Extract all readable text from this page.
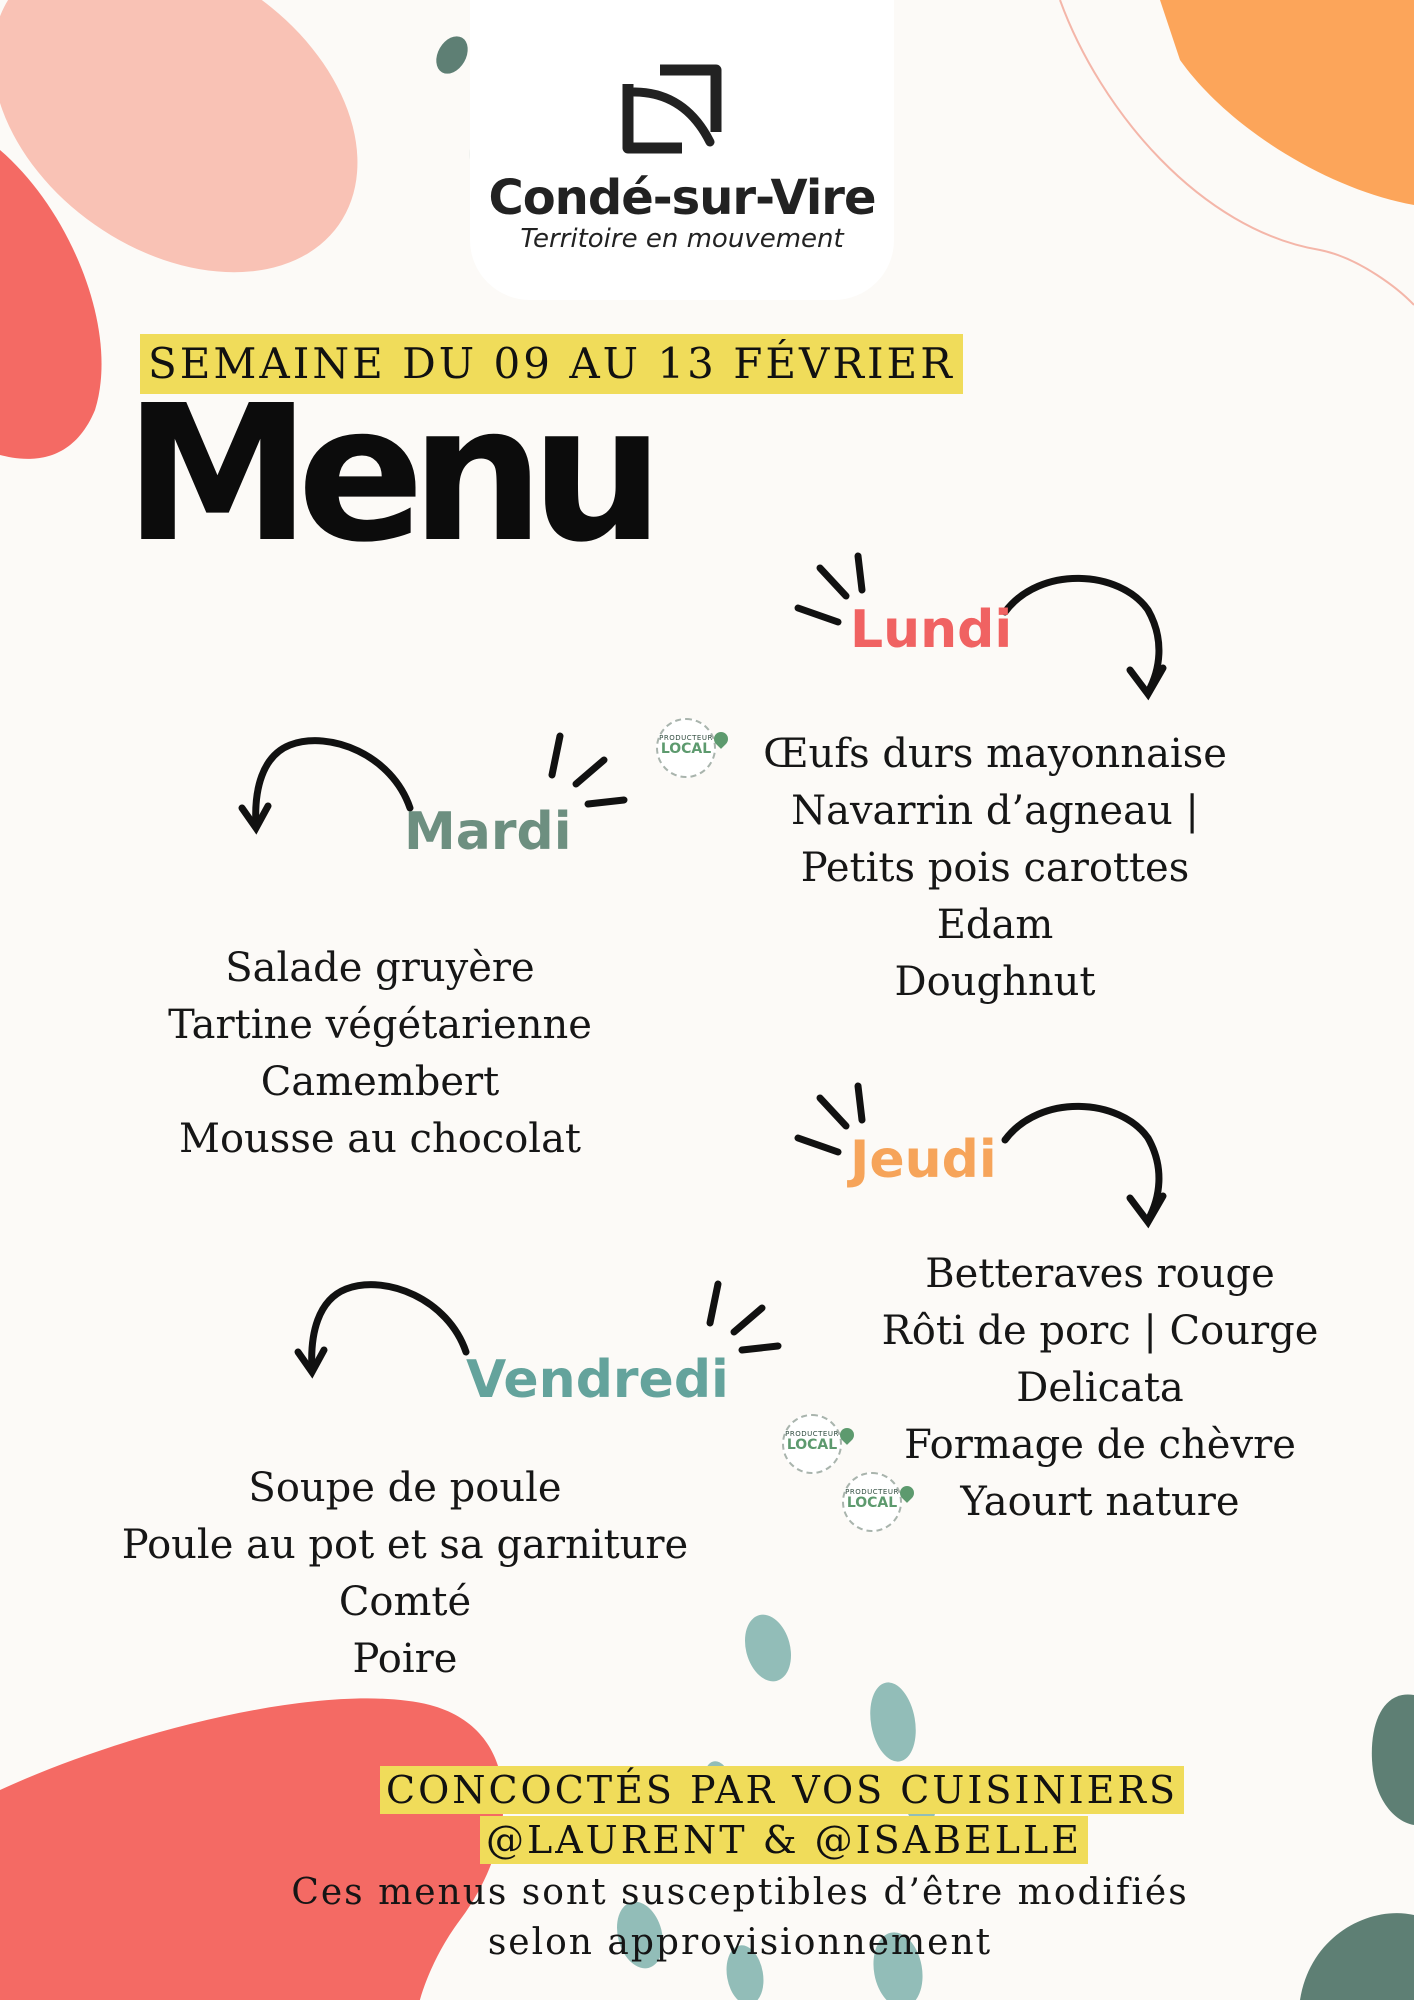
Condé-sur-Vire
Territoire en mouvement
SEMAINE DU 09 AU 13 FÉVRIER
Menu
Lundi
Mardi
Jeudi
Vendredi
Œufs durs mayonnaise
Navarrin d’agneau |
Petits pois carottes
Edam
Doughnut
Salade gruyère
Tartine végétarienne
Camembert
Mousse au chocolat
Betteraves rouge
Rôti de porc | Courge
Delicata
Formage de chèvre
Yaourt nature
Soupe de poule
Poule au pot et sa garniture
Comté
Poire
PRODUCTEUR
LOCAL
PRODUCTEUR
LOCAL
PRODUCTEUR
LOCAL
CONCOCTÉS PAR VOS CUISINIERS
@LAURENT & @ISABELLE
Ces menus sont susceptibles d’être modifiés
selon approvisionnement
